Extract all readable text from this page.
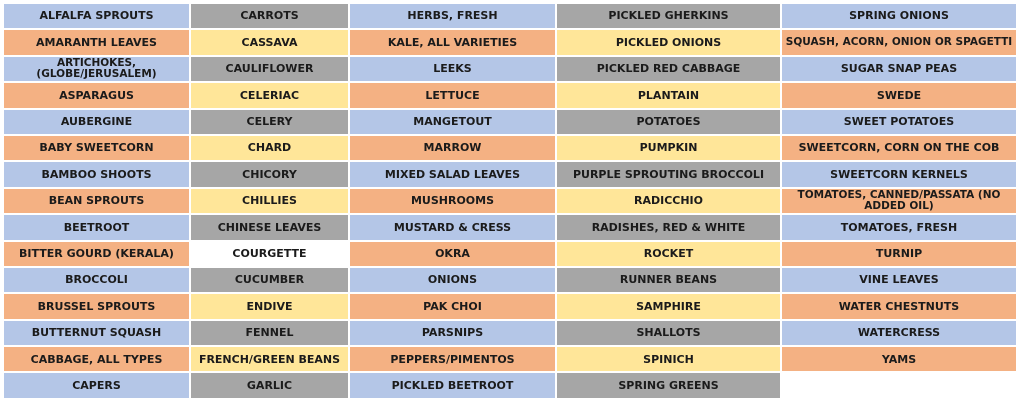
ALFALFA SPROUTS	CARROTS	HERBS, FRESH	PICKLED GHERKINS	SPRING ONIONS
AMARANTH LEAVES	CASSAVA	KALE, ALL VARIETIES	PICKLED ONIONS	SQUASH, ACORN, ONION OR SPAGETTI
ARTICHOKES, (GLOBE/JERUSALEM)	CAULIFLOWER	LEEKS	PICKLED RED CABBAGE	SUGAR SNAP PEAS
ASPARAGUS	CELERIAC	LETTUCE	PLANTAIN	SWEDE
AUBERGINE	CELERY	MANGETOUT	POTATOES	SWEET POTATOES
BABY SWEETCORN	CHARD	MARROW	PUMPKIN	SWEETCORN, CORN ON THE COB
BAMBOO SHOOTS	CHICORY	MIXED SALAD LEAVES	PURPLE SPROUTING BROCCOLI	SWEETCORN KERNELS
BEAN SPROUTS	CHILLIES	MUSHROOMS	RADICCHIO	TOMATOES, CANNED/PASSATA (NO ADDED OIL)
BEETROOT	CHINESE LEAVES	MUSTARD & CRESS	RADISHES, RED & WHITE	TOMATOES, FRESH
BITTER GOURD (KERALA)	COURGETTE	OKRA	ROCKET	TURNIP
BROCCOLI	CUCUMBER	ONIONS	RUNNER BEANS	VINE LEAVES
BRUSSEL SPROUTS	ENDIVE	PAK CHOI	SAMPHIRE	WATER CHESTNUTS
BUTTERNUT SQUASH	FENNEL	PARSNIPS	SHALLOTS	WATERCRESS
CABBAGE, ALL TYPES	FRENCH/GREEN BEANS	PEPPERS/PIMENTOS	SPINICH	YAMS
CAPERS	GARLIC	PICKLED BEETROOT	SPRING GREENS
